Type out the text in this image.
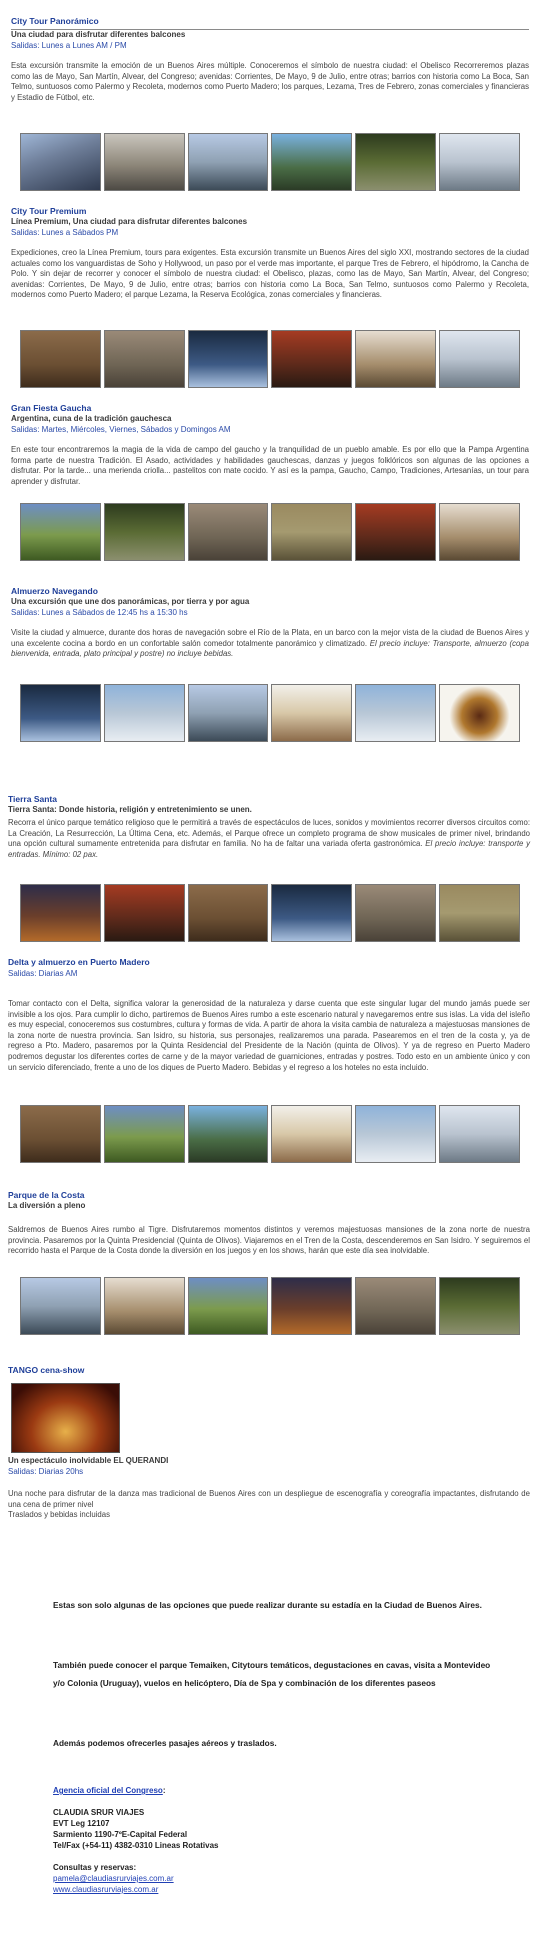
City Tour Panorámico
Una ciudad para disfrutar diferentes balcones
Salidas: Lunes a Lunes AM / PM
Esta excursión transmite la emoción de un Buenos Aires múltiple. Conoceremos el símbolo de nuestra ciudad: el Obelisco Recorreremos plazas como las de Mayo, San Martín, Alvear, del Congreso; avenidas: Corrientes, De Mayo, 9 de Julio, entre otras; barrios con historia como La Boca, San Telmo, suntuosos como Palermo y Recoleta, modernos como Puerto Madero; los parques, Lezama, Tres de Febrero, zonas comerciales y financieras y Estadio de Fútbol, etc.
City Tour Premium
Línea Premium, Una ciudad para disfrutar diferentes balcones
Salidas: Lunes a Sábados PM
Expediciones, creo la Línea Premium, tours para exigentes. Esta excursión transmite un Buenos Aires del siglo XXI, mostrando sectores de la ciudad actuales como los vanguardistas de Soho y Hollywood, un paso por el verde mas importante, el parque Tres de Febrero, el hipódromo, la Cancha de Polo. Y sin dejar de recorrer y conocer el símbolo de nuestra ciudad: el Obelisco, plazas, como las de Mayo, San Martín, Alvear, del Congreso; avenidas: Corrientes, De Mayo, 9 de Julio, entre otras; barrios con historia como La Boca, San Telmo, suntuosos como Palermo y Recoleta, modernos como Puerto Madero; el parque Lezama, la Reserva Ecológica, zonas comerciales y financieras.
Gran Fiesta Gaucha
Argentina, cuna de la tradición gauchesca
Salidas: Martes, Miércoles, Viernes, Sábados y Domingos AM
En este tour encontraremos la magia de la vida de campo del gaucho y la tranquilidad de un pueblo amable. Es por ello que la Pampa Argentina forma parte de nuestra Tradición. El Asado, actividades y habilidades gauchescas, danzas y juegos folklóricos son algunas de las opciones a disfrutar. Por la tarde... una merienda criolla... pastelitos con mate cocido. Y así es la pampa, Gaucho, Campo, Tradiciones, Artesanías, un tour para aprender y disfrutar.
Almuerzo Navegando
Una excursión que une dos panorámicas, por tierra y por agua
Salidas: Lunes a Sábados de 12:45 hs a 15:30 hs
Visite la ciudad y almuerce, durante dos horas de navegación sobre el Río de la Plata, en un barco con la mejor vista de la ciudad de Buenos Aires y una excelente cocina a bordo en un confortable salón comedor totalmente panorámico y climatizado. El precio incluye: Transporte, almuerzo (copa bienvenida, entrada, plato principal y postre) no incluye bebidas.
Tierra Santa
Tierra Santa: Donde historia, religión y entretenimiento se unen.
Recorra el único parque temático religioso que le permitirá a través de espectáculos de luces, sonidos y movimientos recorrer diversos circuitos como: La Creación, La Resurrección, La Última Cena, etc. Además, el Parque ofrece un completo programa de show musicales de primer nivel, brindando una opción cultural sumamente entretenida para disfrutar en familia. No ha de faltar una variada oferta gastronómica. El precio incluye: transporte y entradas. Mínimo: 02 pax.
Delta y almuerzo en Puerto Madero
Salidas: Diarias AM
Tomar contacto con el Delta, significa valorar la generosidad de la naturaleza y darse cuenta que este singular lugar del mundo jamás puede ser invisible a los ojos. Para cumplir lo dicho, partiremos de Buenos Aires rumbo a este escenario natural y navegaremos entre sus islas. La vida del isleño es muy especial, conoceremos sus costumbres, cultura y formas de vida. A partir de ahora la visita cambia de naturaleza a majestuosas mansiones de la zona norte de nuestra provincia. San Isidro, su historia, sus personajes, realizaremos una parada. Pasearemos en el tren de la costa y, ya de regreso a Pto. Madero, pasaremos por la Quinta Residencial del Presidente de la Nación (quinta de Olivos). Y ya de regreso en Puerto Madero podremos degustar los diferentes cortes de carne y de la mayor variedad de guarniciones, entradas y postres. Todo esto en un ambiente único y con un servicio diferenciado, frente a uno de los diques de Puerto Madero. Bebidas y el regreso a los hoteles no esta incluido.
Parque de la Costa
La diversión a pleno
Saldremos de Buenos Aires rumbo al Tigre. Disfrutaremos momentos distintos y veremos majestuosas mansiones de la zona norte de nuestra provincia. Pasaremos por la Quinta Presidencial (Quinta de Olivos). Viajaremos en el Tren de la Costa, descenderemos en San Isidro. Y seguiremos el recorrido hasta el Parque de la Costa donde la diversión en los juegos y en los shows, harán que este día sea inolvidable.
TANGO cena-show
Un espectáculo inolvidable EL QUERANDI
Salidas: Diarias 20hs
Una noche para disfrutar de la danza mas tradicional de Buenos Aires con un despliegue de escenografía y coreografía impactantes, disfrutando de una cena de primer nivel
Traslados y bebidas incluidas
Estas son solo algunas de las opciones que puede realizar durante su estadía en la Ciudad de Buenos Aires.
También puede conocer el parque Temaiken, Citytours temáticos, degustaciones en cavas, visita a Montevideo y/o Colonia (Uruguay), vuelos en helicóptero, Día de Spa y combinación de los diferentes paseos
Además podemos ofrecerles pasajes aéreos y traslados.
Agencia oficial del Congreso:
CLAUDIA SRUR VIAJES
EVT Leg 12107
Sarmiento 1190-7ºE-Capital Federal
Tel/Fax (+54-11) 4382-0310 Lineas Rotativas
Consultas y reservas:
pamela@claudiasrurviajes.com.ar
www.claudiasrurviajes.com.ar
